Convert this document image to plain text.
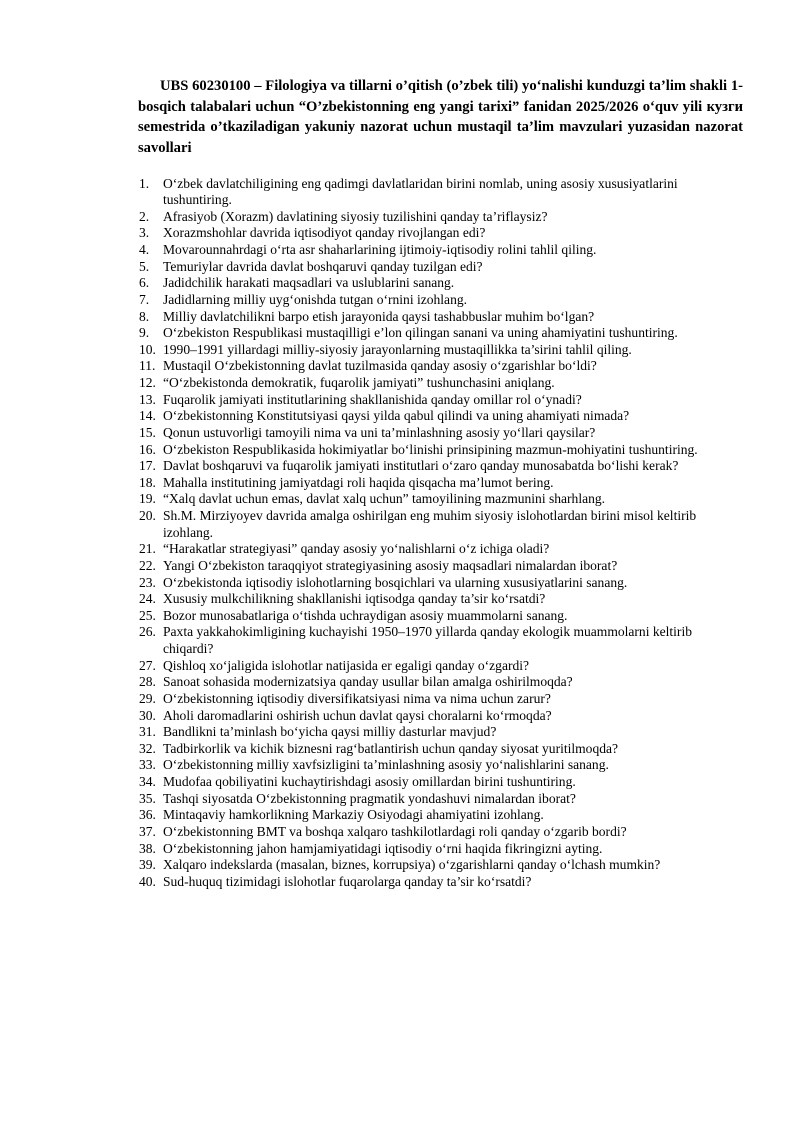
UBS 60230100 – Filologiya va tillarni o’qitish (o’zbek tili) yo‘nalishi kunduzgi ta’lim shakli 1-bosqich talabalari uchun “O’zbekistonning eng yangi tarixi” fanidan 2025/2026 o‘quv yili кузги semestrida o’tkaziladigan yakuniy nazorat uchun mustaqil ta’lim mavzulari yuzasidan nazorat savollari

1. O‘zbek davlatchiligining eng qadimgi davlatlaridan birini nomlab, uning asosiy xususiyatlarini tushuntiring.
2. Afrasiyob (Xorazm) davlatining siyosiy tuzilishini qanday ta’riflaysiz?
3. Xorazmshohlar davrida iqtisodiyot qanday rivojlangan edi?
4. Movarounnahrdagi o‘rta asr shaharlarining ijtimoiy-iqtisodiy rolini tahlil qiling.
5. Temuriylar davrida davlat boshqaruvi qanday tuzilgan edi?
6. Jadidchilik harakati maqsadlari va uslublarini sanang.
7. Jadidlarning milliy uyg‘onishda tutgan o‘rnini izohlang.
8. Milliy davlatchilikni barpo etish jarayonida qaysi tashabbuslar muhim bo‘lgan?
9. O‘zbekiston Respublikasi mustaqilligi e’lon qilingan sanani va uning ahamiyatini tushuntiring.
10. 1990–1991 yillardagi milliy-siyosiy jarayonlarning mustaqillikka ta’sirini tahlil qiling.
11. Mustaqil O‘zbekistonning davlat tuzilmasida qanday asosiy o‘zgarishlar bo‘ldi?
12. “O‘zbekistonda demokratik, fuqarolik jamiyati” tushunchasini aniqlang.
13. Fuqarolik jamiyati institutlarining shakllanishida qanday omillar rol o‘ynadi?
14. O‘zbekistonning Konstitutsiyasi qaysi yilda qabul qilindi va uning ahamiyati nimada?
15. Qonun ustuvorligi tamoyili nima va uni ta’minlashning asosiy yo‘llari qaysilar?
16. O‘zbekiston Respublikasida hokimiyatlar bo‘linishi prinsipining mazmun-mohiyatini tushuntiring.
17. Davlat boshqaruvi va fuqarolik jamiyati institutlari o‘zaro qanday munosabatda bo‘lishi kerak?
18. Mahalla institutining jamiyatdagi roli haqida qisqacha ma’lumot bering.
19. “Xalq davlat uchun emas, davlat xalq uchun” tamoyilining mazmunini sharhlang.
20. Sh.M. Mirziyoyev davrida amalga oshirilgan eng muhim siyosiy islohotlardan birini misol keltirib izohlang.
21. “Harakatlar strategiyasi” qanday asosiy yo‘nalishlarni o‘z ichiga oladi?
22. Yangi O‘zbekiston taraqqiyot strategiyasining asosiy maqsadlari nimalardan iborat?
23. O‘zbekistonda iqtisodiy islohotlarning bosqichlari va ularning xususiyatlarini sanang.
24. Xususiy mulkchilikning shakllanishi iqtisodga qanday ta’sir ko‘rsatdi?
25. Bozor munosabatlariga o‘tishda uchraydigan asosiy muammolarni sanang.
26. Paxta yakkahokimligining kuchayishi 1950–1970 yillarda qanday ekologik muammolarni keltirib chiqardi?
27. Qishloq xo‘jaligida islohotlar natijasida er egaligi qanday o‘zgardi?
28. Sanoat sohasida modernizatsiya qanday usullar bilan amalga oshirilmoqda?
29. O‘zbekistonning iqtisodiy diversifikatsiyasi nima va nima uchun zarur?
30. Aholi daromadlarini oshirish uchun davlat qaysi choralarni ko‘rmoqda?
31. Bandlikni ta’minlash bo‘yicha qaysi milliy dasturlar mavjud?
32. Tadbirkorlik va kichik biznesni rag‘batlantirish uchun qanday siyosat yuritilmoqda?
33. O‘zbekistonning milliy xavfsizligini ta’minlashning asosiy yo‘nalishlarini sanang.
34. Mudofaa qobiliyatini kuchaytirishdagi asosiy omillardan birini tushuntiring.
35. Tashqi siyosatda O‘zbekistonning pragmatik yondashuvi nimalardan iborat?
36. Mintaqaviy hamkorlikning Markaziy Osiyodagi ahamiyatini izohlang.
37. O‘zbekistonning BMT va boshqa xalqaro tashkilotlardagi roli qanday o‘zgarib bordi?
38. O‘zbekistonning jahon hamjamiyatidagi iqtisodiy o‘rni haqida fikringizni ayting.
39. Xalqaro indekslarda (masalan, biznes, korrupsiya) o‘zgarishlarni qanday o‘lchash mumkin?
40. Sud-huquq tizimidagi islohotlar fuqarolarga qanday ta’sir ko‘rsatdi?
